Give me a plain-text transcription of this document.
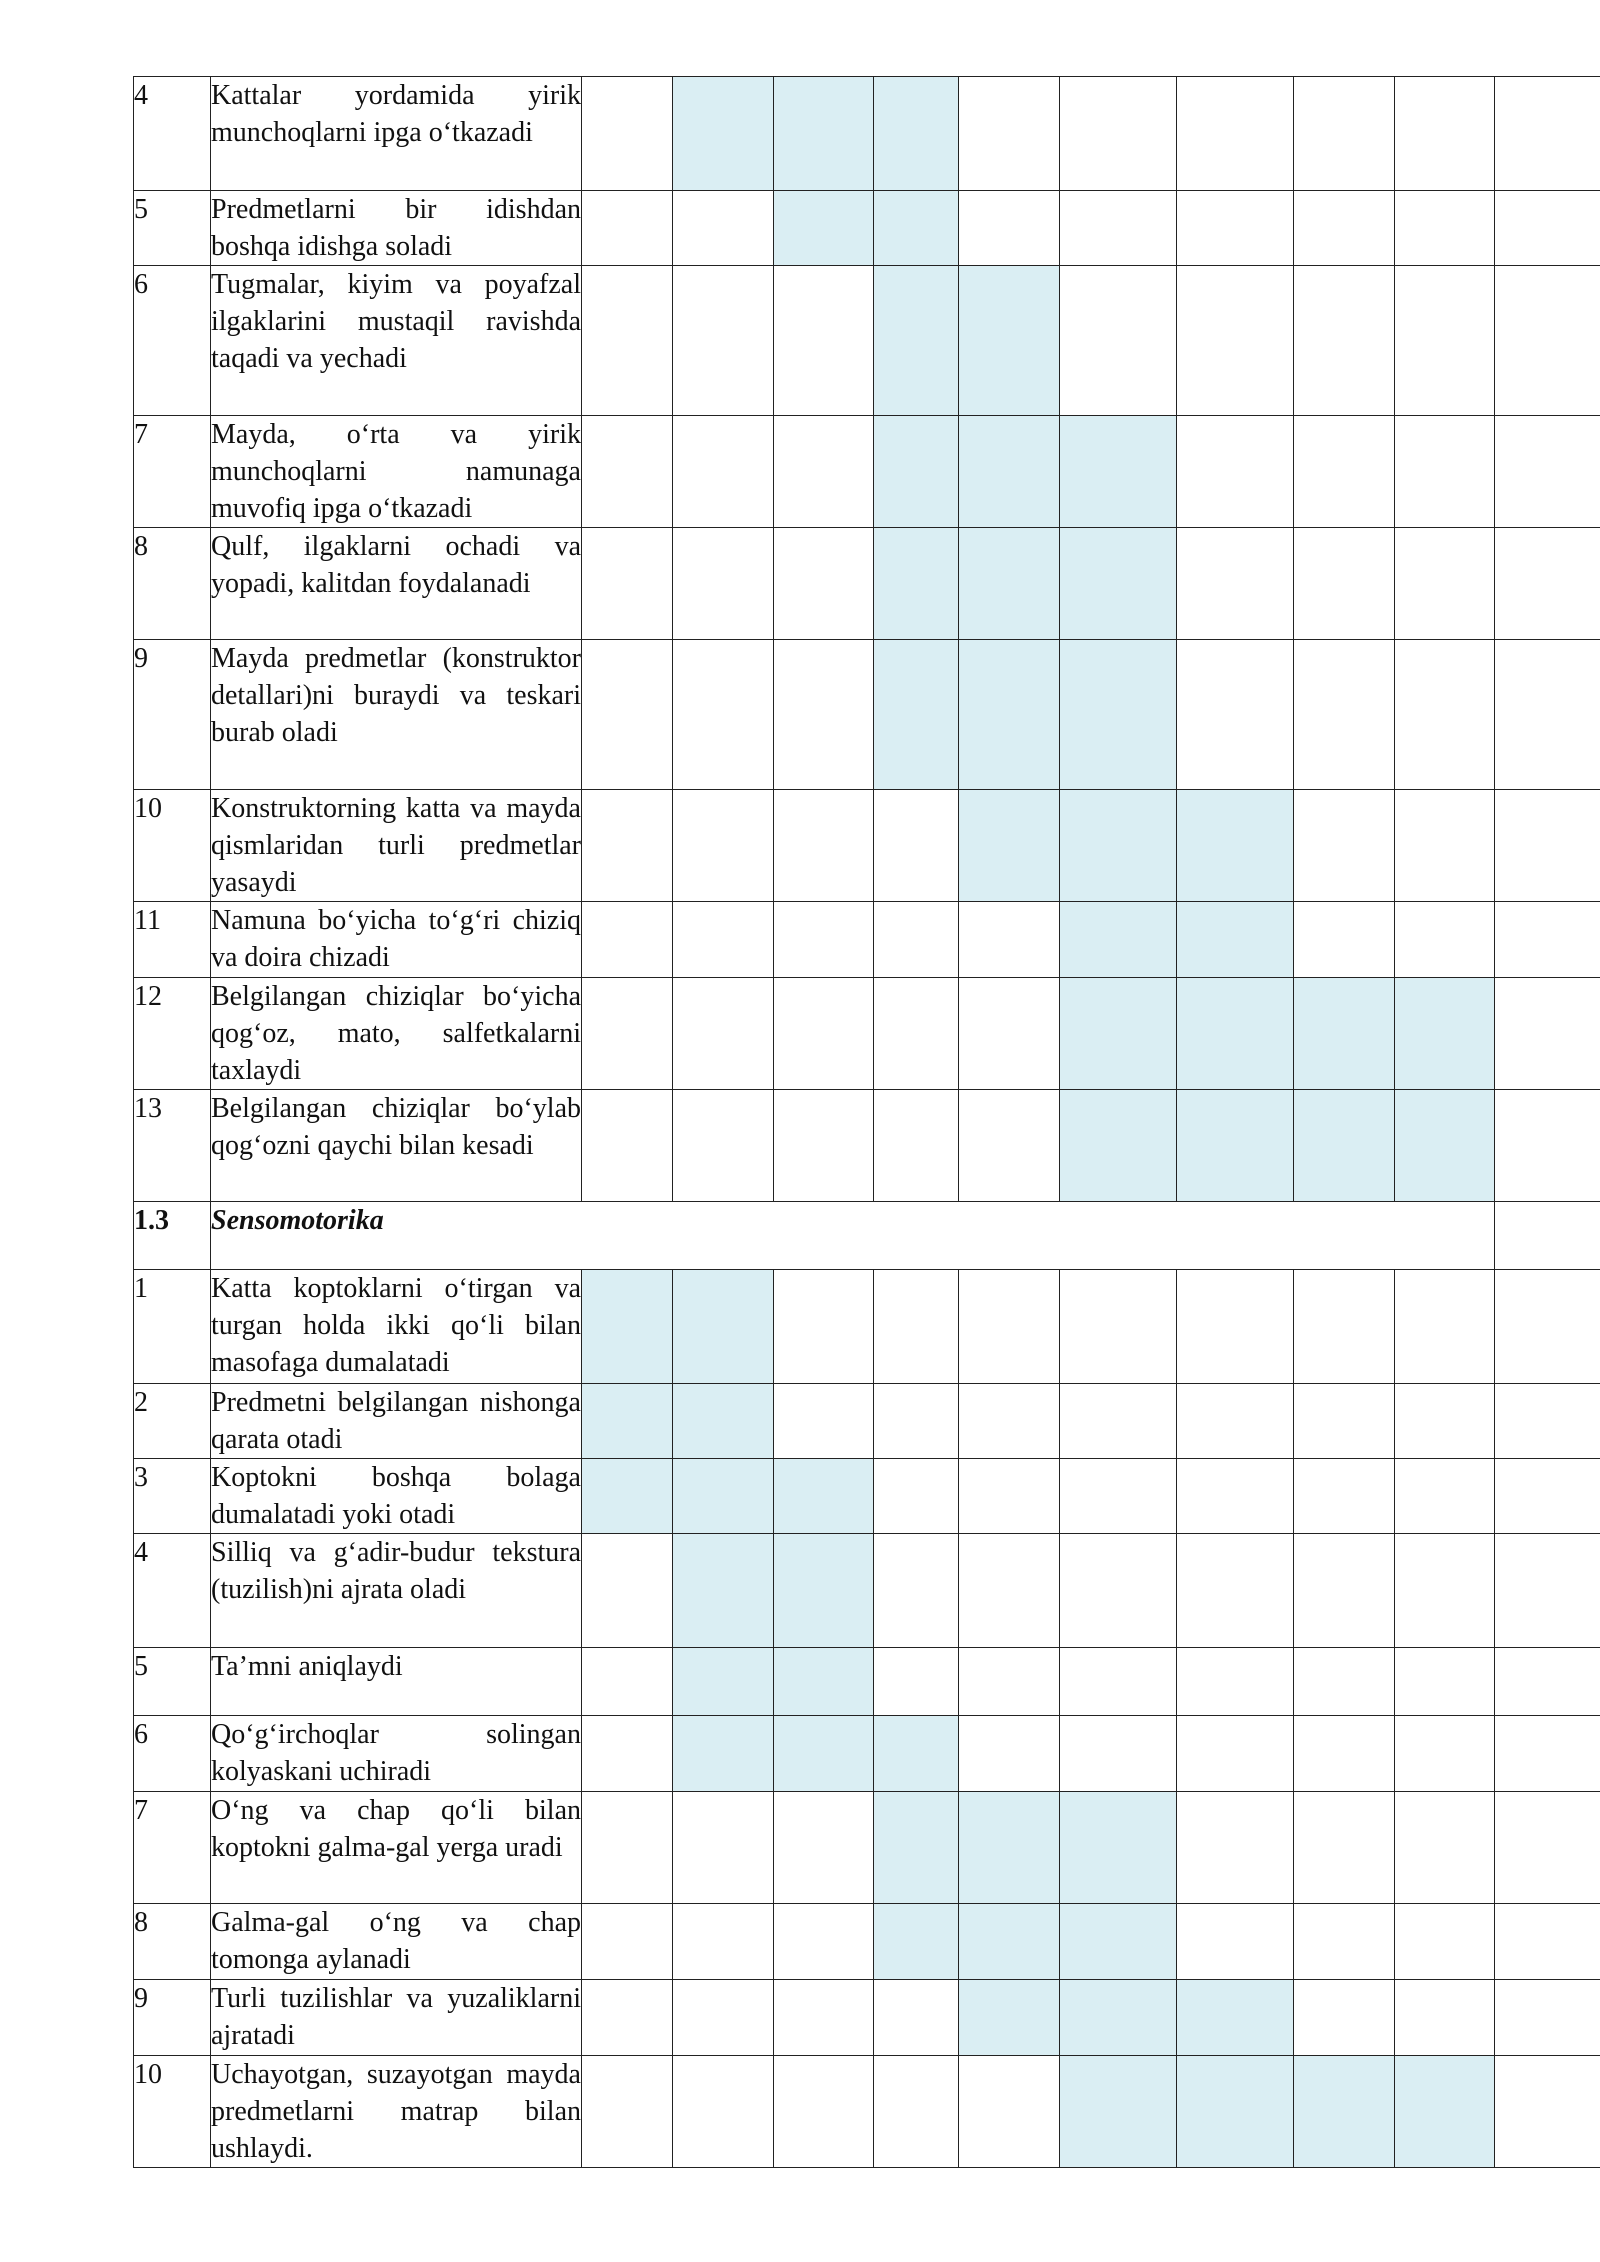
4	Kattalar yordamida yirik munchoqlarni ipga o‘tkazadi										
5	Predmetlarni bir idishdan boshqa idishga soladi										
6	Tugmalar, kiyim va poyafzal ilgaklarini mustaqil ravishda taqadi va yechadi										
7	Mayda, o‘rta va yirik munchoqlarni namunaga muvofiq ipga o‘tkazadi										
8	Qulf, ilgaklarni ochadi va yopadi, kalitdan foydalanadi										
9	Mayda predmetlar (konstruktor detallari)ni buraydi va teskari burab oladi										
10	Konstruktorning katta va mayda qismlaridan turli predmetlar yasaydi										
11	Namuna bo‘yicha to‘g‘ri chiziq va doira chizadi										
12	Belgilangan chiziqlar bo‘yicha qog‘oz, mato, salfetkalarni taxlaydi										
13	Belgilangan chiziqlar bo‘ylab qog‘ozni qaychi bilan kesadi										
1.3	Sensomotorika										
1	Katta koptoklarni o‘tirgan va turgan holda ikki qo‘li bilan masofaga dumalatadi										
2	Predmetni belgilangan nishonga qarata otadi										
3	Koptokni boshqa bolaga dumalatadi yoki otadi										
4	Silliq va g‘adir-budur tekstura (tuzilish)ni ajrata oladi										
5	Ta’mni aniqlaydi										
6	Qo‘g‘irchoqlar solingan kolyaskani uchiradi										
7	O‘ng va chap qo‘li bilan koptokni galma-gal yerga uradi										
8	Galma-gal o‘ng va chap tomonga aylanadi										
9	Turli tuzilishlar va yuzaliklarni ajratadi										
10	Uchayotgan, suzayotgan mayda predmetlarni matrap bilan ushlaydi.										
